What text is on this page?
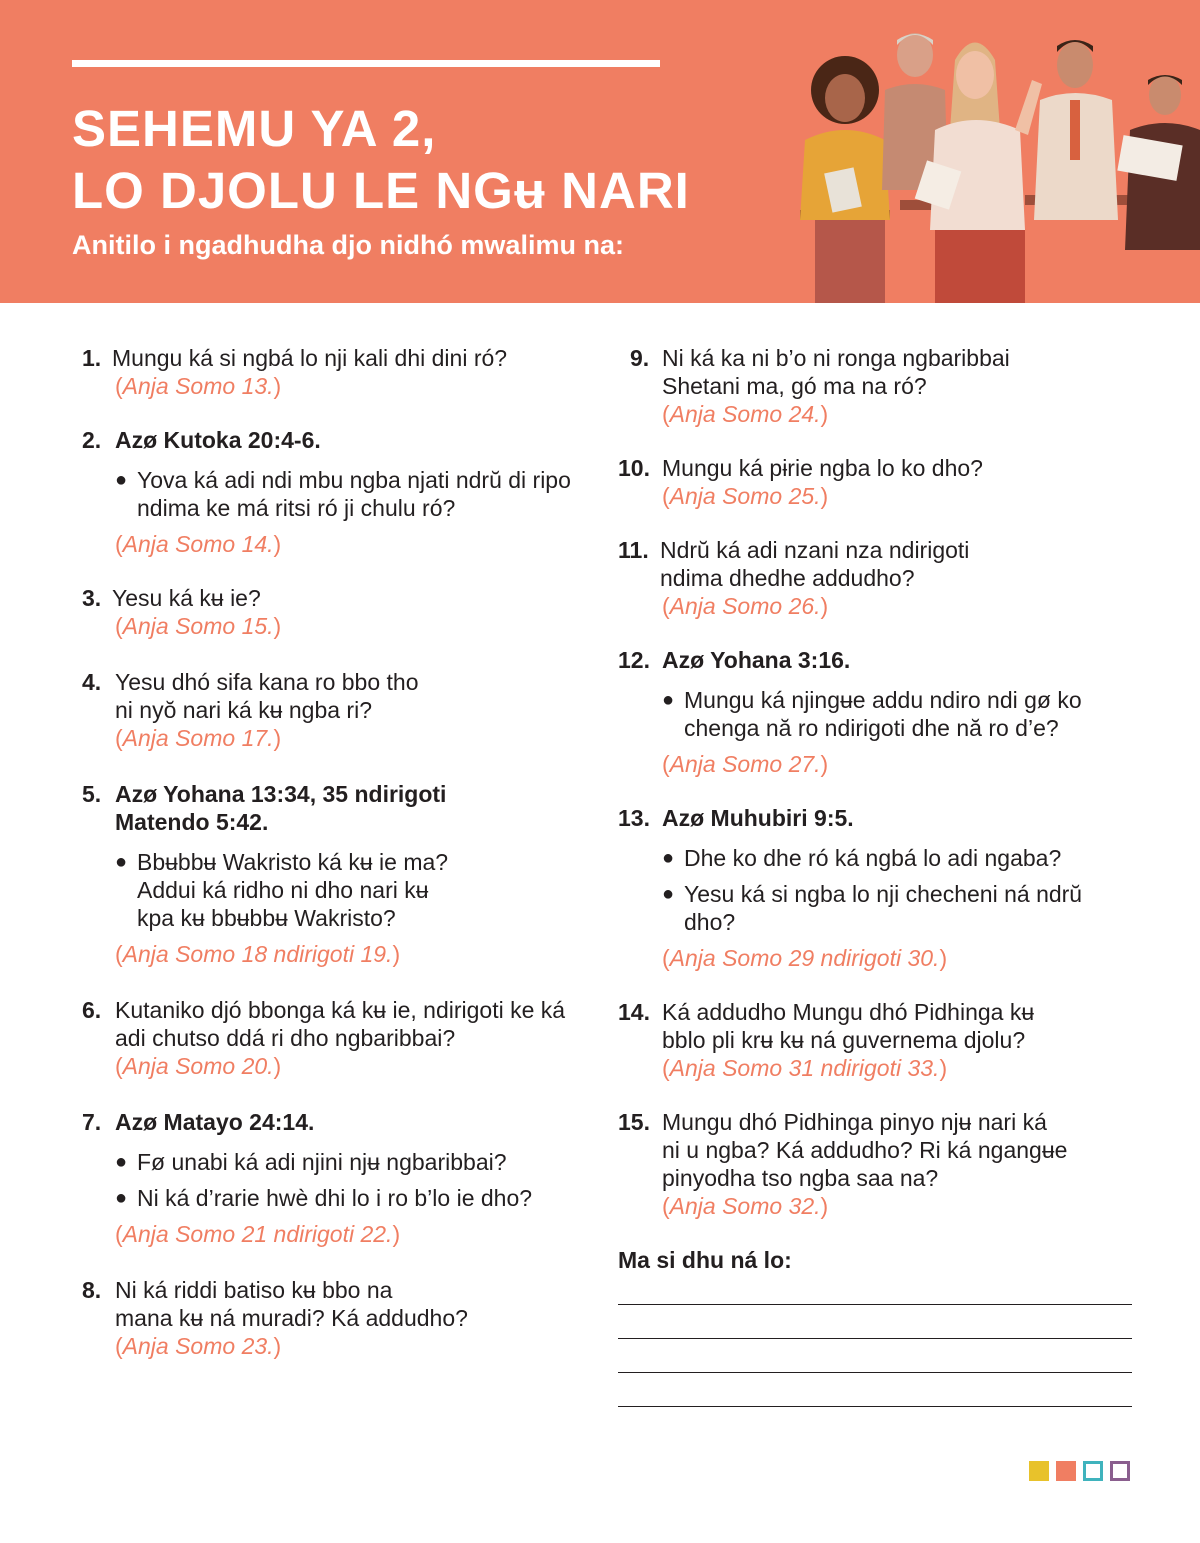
SEHEMU YA 2,
LO DJOLU LE NGʉ NARI
Anitilo i ngadhudha djo nidhó mwalimu na:
1. Mungu ká si ngbá lo nji kali dhi dini ró?
(Anja Somo 13.)
2. Azø Kutoka 20:4-6.
● Yova ká adi ndi mbu ngba njati ndrŭ di ripo
ndima ke má ritsi ró ji chulu ró?
(Anja Somo 14.)
3. Yesu ká kʉ ie?
(Anja Somo 15.)
4. Yesu dhó sifa kana ro bbo tho
ni nyŏ nari ká kʉ ngba ri?
(Anja Somo 17.)
5. Azø Yohana 13:34, 35 ndirigoti
Matendo 5:42.
● Bbʉbbʉ Wakristo ká kʉ ie ma?
Addui ká ridho ni dho nari kʉ
kpa kʉ bbʉbbʉ Wakristo?
(Anja Somo 18 ndirigoti 19.)
6. Kutaniko djó bbonga ká kʉ ie, ndirigoti ke ká
adi chutso ddá ri dho ngbaribbai?
(Anja Somo 20.)
7. Azø Matayo 24:14.
● Fø unabi ká adi njini njʉ ngbaribbai?
● Ni ká d’rarie hwè dhi lo i ro b’lo ie dho?
(Anja Somo 21 ndirigoti 22.)
8. Ni ká riddi batiso kʉ bbo na
mana kʉ ná muradi? Ká addudho?
(Anja Somo 23.)
9. Ni ká ka ni b’o ni ronga ngbaribbai
Shetani ma, gó ma na ró?
(Anja Somo 24.)
10. Mungu ká pɨrie ngba lo ko dho?
(Anja Somo 25.)
11. Ndrŭ ká adi nzani nza ndirigoti
ndima dhedhe addudho?
(Anja Somo 26.)
12. Azø Yohana 3:16.
● Mungu ká njingʉe addu ndiro ndi gø ko
chenga nă ro ndirigoti dhe nă ro d’e?
(Anja Somo 27.)
13. Azø Muhubiri 9:5.
● Dhe ko dhe ró ká ngbá lo adi ngaba?
● Yesu ká si ngba lo nji checheni ná ndrŭ dho?
(Anja Somo 29 ndirigoti 30.)
14. Ká addudho Mungu dhó Pidhinga kʉ
bblo pli krʉ kʉ ná guvernema djolu?
(Anja Somo 31 ndirigoti 33.)
15. Mungu dhó Pidhinga pinyo njʉ nari ká
ni u ngba? Ká addudho? Ri ká ngangʉe
pinyodha tso ngba saa na?
(Anja Somo 32.)
Ma si dhu ná lo:
